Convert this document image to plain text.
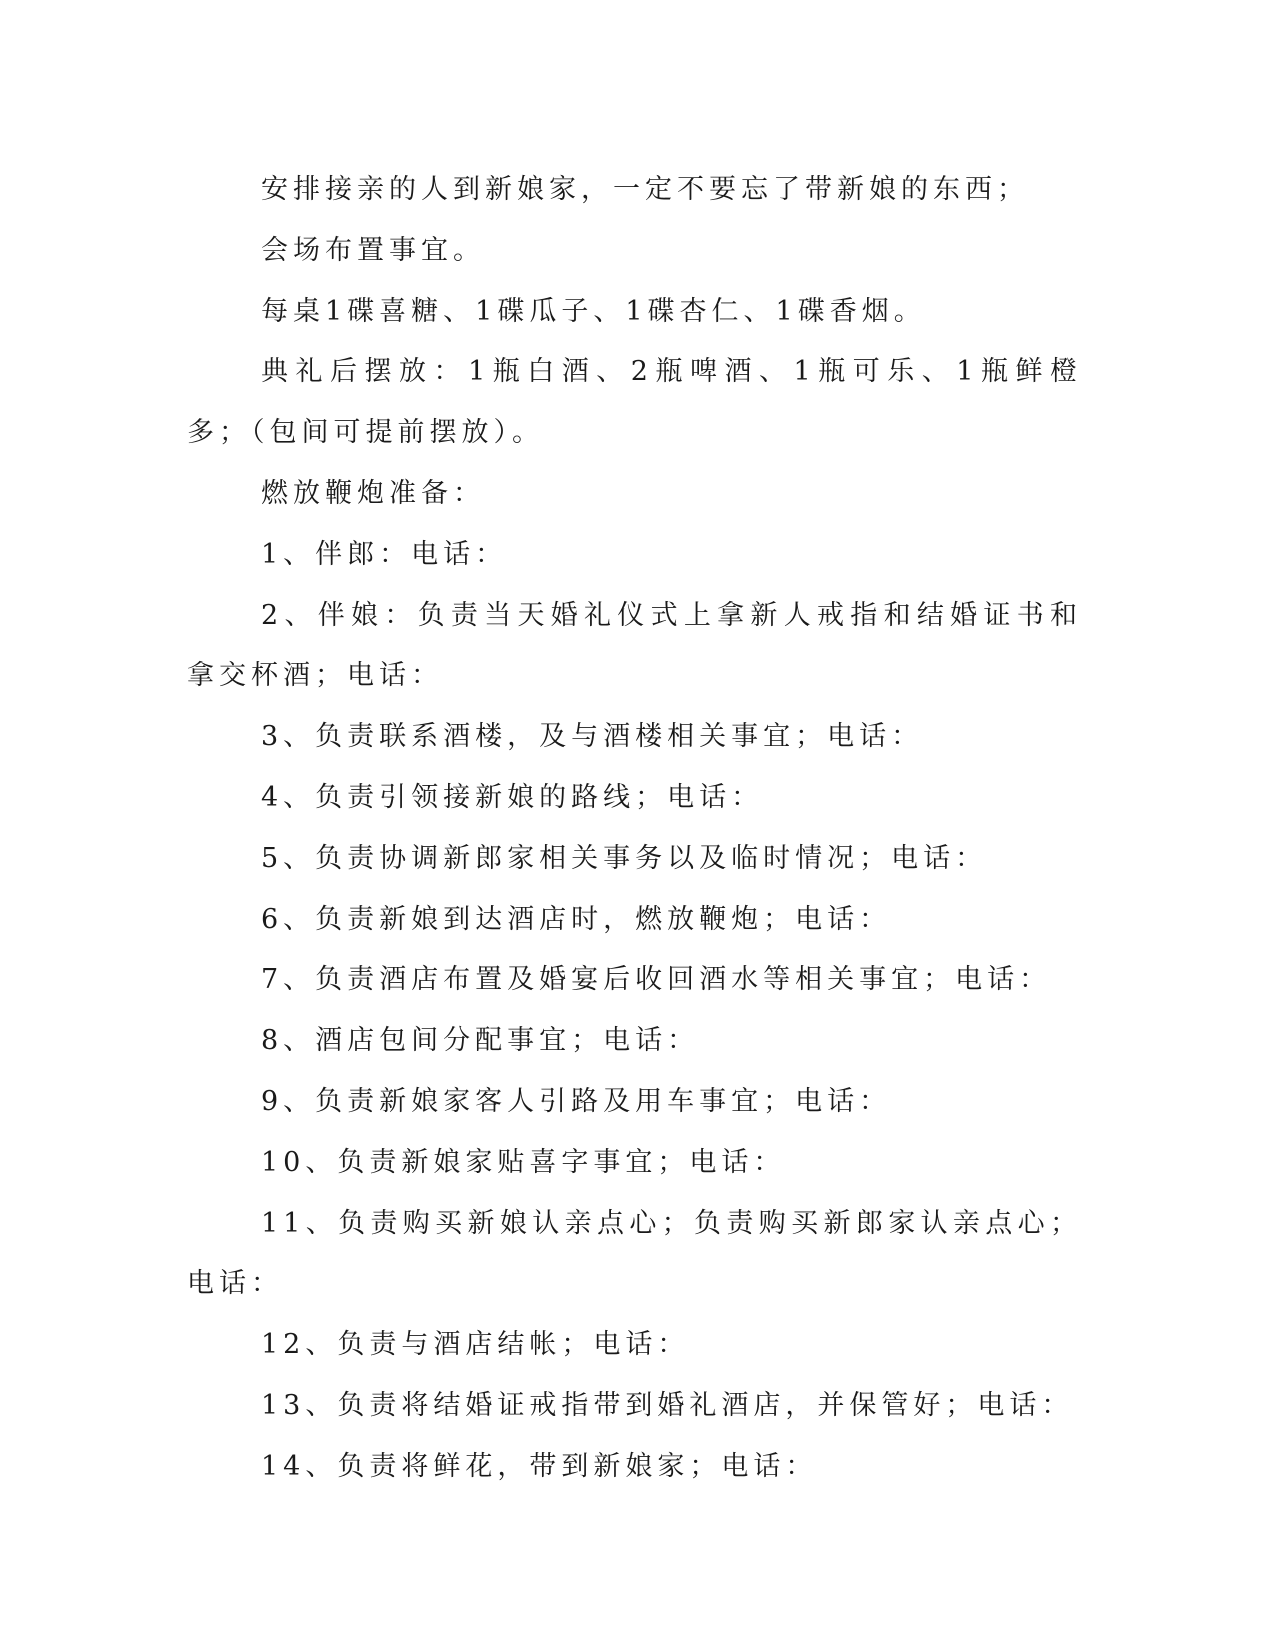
安排接亲的人到新娘家，一定不要忘了带新娘的东西；

会场布置事宜。

每桌1碟喜糖、1碟瓜子、1碟杏仁、1碟香烟。

典礼后摆放：1瓶白酒、2瓶啤酒、1瓶可乐、1瓶鲜橙多；（包间可提前摆放）。

燃放鞭炮准备：

1、伴郎：电话：

2、伴娘：负责当天婚礼仪式上拿新人戒指和结婚证书和拿交杯酒；电话：

3、负责联系酒楼，及与酒楼相关事宜；电话：

4、负责引领接新娘的路线；电话：

5、负责协调新郎家相关事务以及临时情况；电话：

6、负责新娘到达酒店时，燃放鞭炮；电话：

7、负责酒店布置及婚宴后收回酒水等相关事宜；电话：

8、酒店包间分配事宜；电话：

9、负责新娘家客人引路及用车事宜；电话：

10、负责新娘家贴喜字事宜；电话：

11、负责购买新娘认亲点心；负责购买新郎家认亲点心；电话：

12、负责与酒店结帐；电话：

13、负责将结婚证戒指带到婚礼酒店，并保管好；电话：

14、负责将鲜花，带到新娘家；电话：
